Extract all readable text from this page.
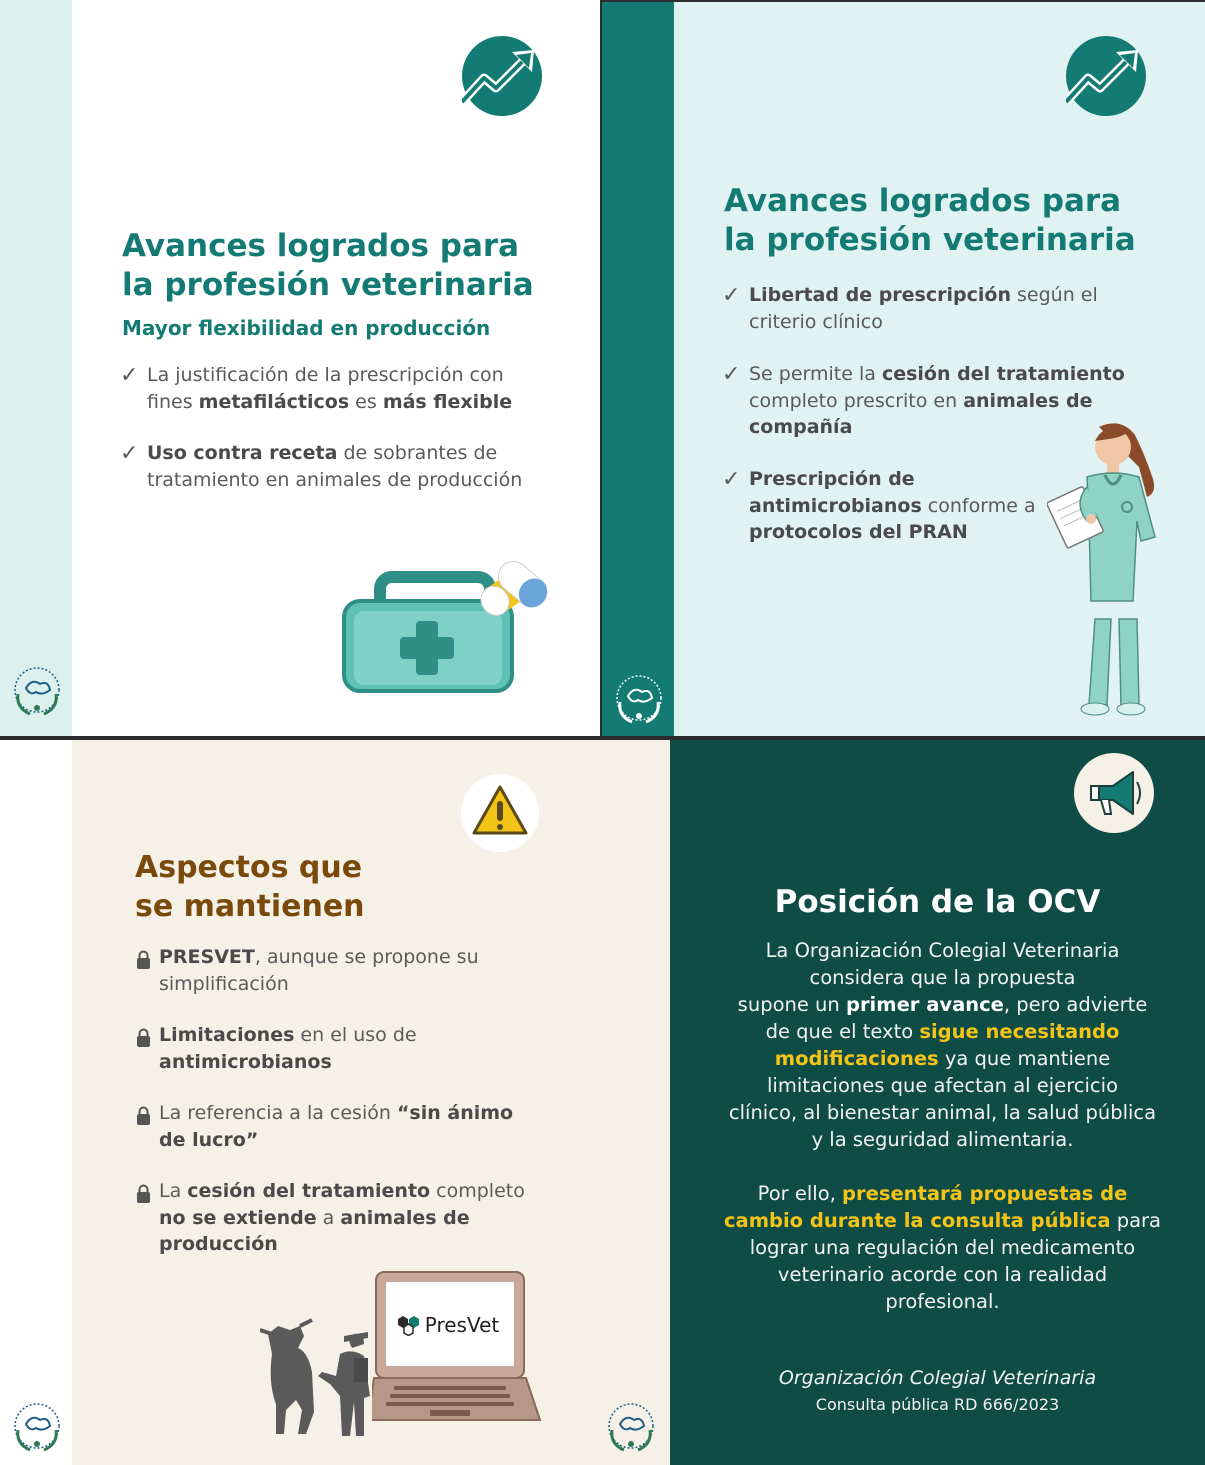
Avances logrados para
la profesión veterinaria
Mayor flexibilidad en producción
✓ La justificación de la prescripción con
fines metafilácticos es más flexible
✓ Uso contra receta de sobrantes de
tratamiento en animales de producción
Avances logrados para
la profesión veterinaria
✓ Libertad de prescripción según el
criterio clínico
✓ Se permite la cesión del tratamiento
completo prescrito en animales de
compañía
✓ Prescripción de
antimicrobianos conforme a
protocolos del PRAN
Aspectos que
se mantienen
PRESVET, aunque se propone su
simplificación
Limitaciones en el uso de
antimicrobianos
La referencia a la cesión “sin ánimo
de lucro”
La cesión del tratamiento completo
no se extiende a animales de
producción
PresVet
Posición de la OCV
La Organización Colegial Veterinaria
considera que la propuesta
supone un primer avance, pero advierte
de que el texto sigue necesitando
modificaciones ya que mantiene
limitaciones que afectan al ejercicio
clínico, al bienestar animal, la salud pública
y la seguridad alimentaria.
Por ello, presentará propuestas de
cambio durante la consulta pública para
lograr una regulación del medicamento
veterinario acorde con la realidad
profesional.
Organización Colegial Veterinaria
Consulta pública RD 666/2023
